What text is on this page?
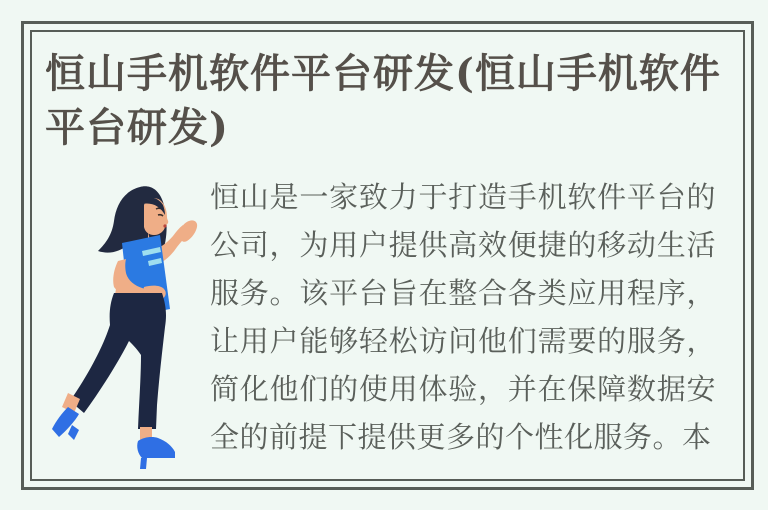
恒山手机软件平台研发(恒山手机软件平台研发)

恒山是一家致力于打造手机软件平台的公司，为用户提供高效便捷的移动生活服务。该平台旨在整合各类应用程序，让用户能够轻松访问他们需要的服务，简化他们的使用体验，并在保障数据安全的前提下提供更多的个性化服务。本
